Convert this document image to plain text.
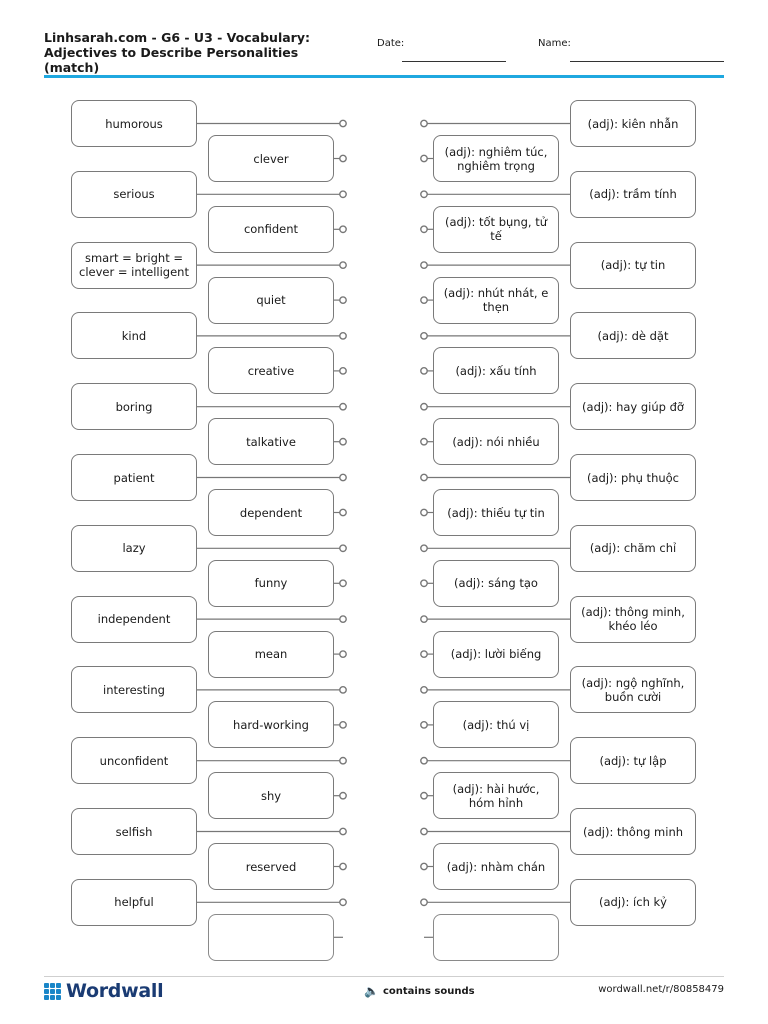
Linhsarah.com - G6 - U3 - Vocabulary: Adjectives to Describe Personalities (match)
Date:	Name:
humorous
serious
smart = bright = clever = intelligent
kind
boring
patient
lazy
independent
interesting
unconfident
selfish
helpful
clever
confident
quiet
creative
talkative
dependent
funny
mean
hard-working
shy
reserved
(adj): nghiêm túc, nghiêm trọng
(adj): tốt bụng, tử tế
(adj): nhút nhát, e thẹn
(adj): xấu tính
(adj): nói nhiều
(adj): thiếu tự tin
(adj): sáng tạo
(adj): lười biếng
(adj): thú vị
(adj): hài hước, hóm hỉnh
(adj): nhàm chán
(adj): kiên nhẫn
(adj): trầm tính
(adj): tự tin
(adj): dè dặt
(adj): hay giúp đỡ
(adj): phụ thuộc
(adj): chăm chỉ
(adj): thông minh, khéo léo
(adj): ngộ nghĩnh, buồn cười
(adj): tự lập
(adj): thông minh
(adj): ích kỷ
Wordwall	🔈 contains sounds	wordwall.net/r/80858479
